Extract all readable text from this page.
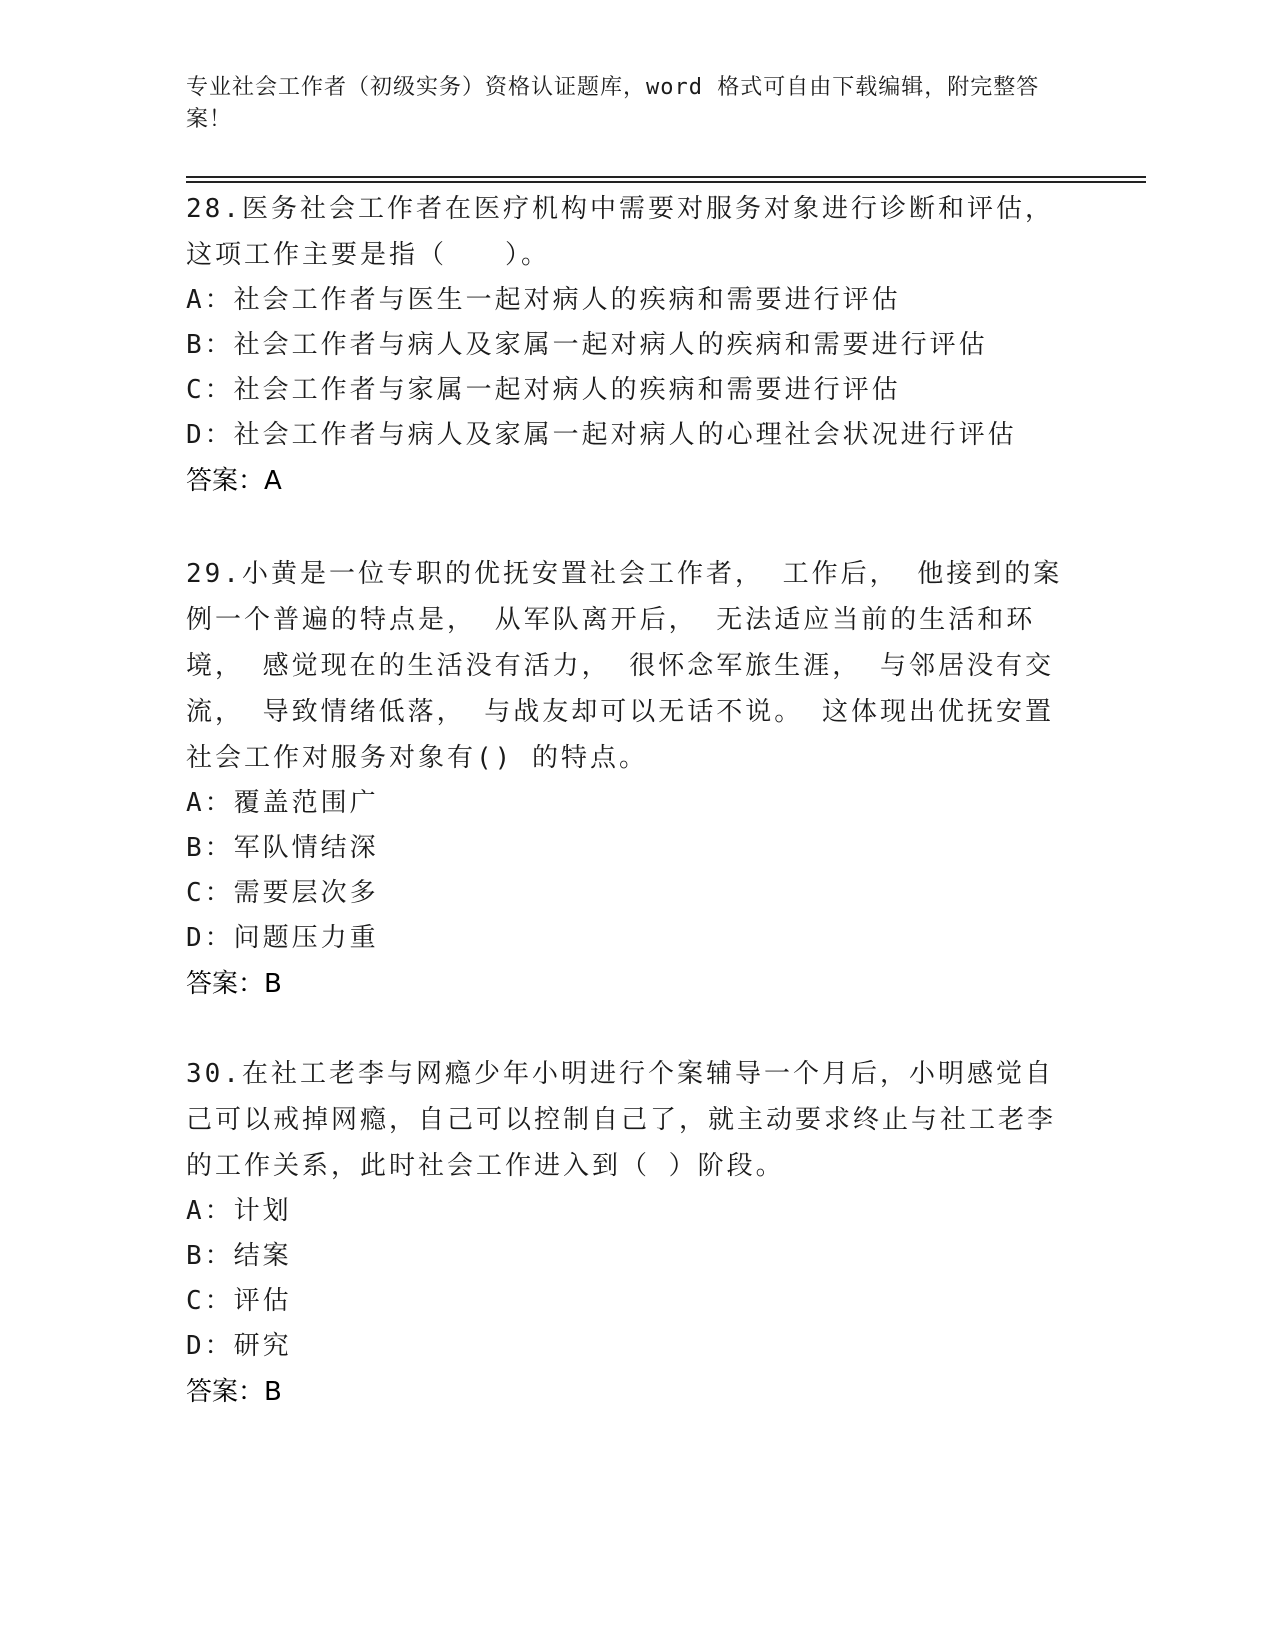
专业社会工作者（初级实务）资格认证题库，word 格式可自由下载编辑，附完整答案！
28.医务社会工作者在医疗机构中需要对服务对象进行诊断和评估，这项工作主要是指（　　）。
A：社会工作者与医生一起对病人的疾病和需要进行评估
B：社会工作者与病人及家属一起对病人的疾病和需要进行评估
C：社会工作者与家属一起对病人的疾病和需要进行评估
D：社会工作者与病人及家属一起对病人的心理社会状况进行评估
答案：A
29.小黄是一位专职的优抚安置社会工作者， 工作后， 他接到的案例一个普遍的特点是， 从军队离开后， 无法适应当前的生活和环境， 感觉现在的生活没有活力， 很怀念军旅生涯， 与邻居没有交流， 导致情绪低落， 与战友却可以无话不说。 这体现出优抚安置社会工作对服务对象有() 的特点。
A：覆盖范围广
B：军队情结深
C：需要层次多
D：问题压力重
答案：B
30.在社工老李与网瘾少年小明进行个案辅导一个月后，小明感觉自己可以戒掉网瘾，自己可以控制自己了，就主动要求终止与社工老李的工作关系，此时社会工作进入到（ ）阶段。
A：计划
B：结案
C：评估
D：研究
答案：B
